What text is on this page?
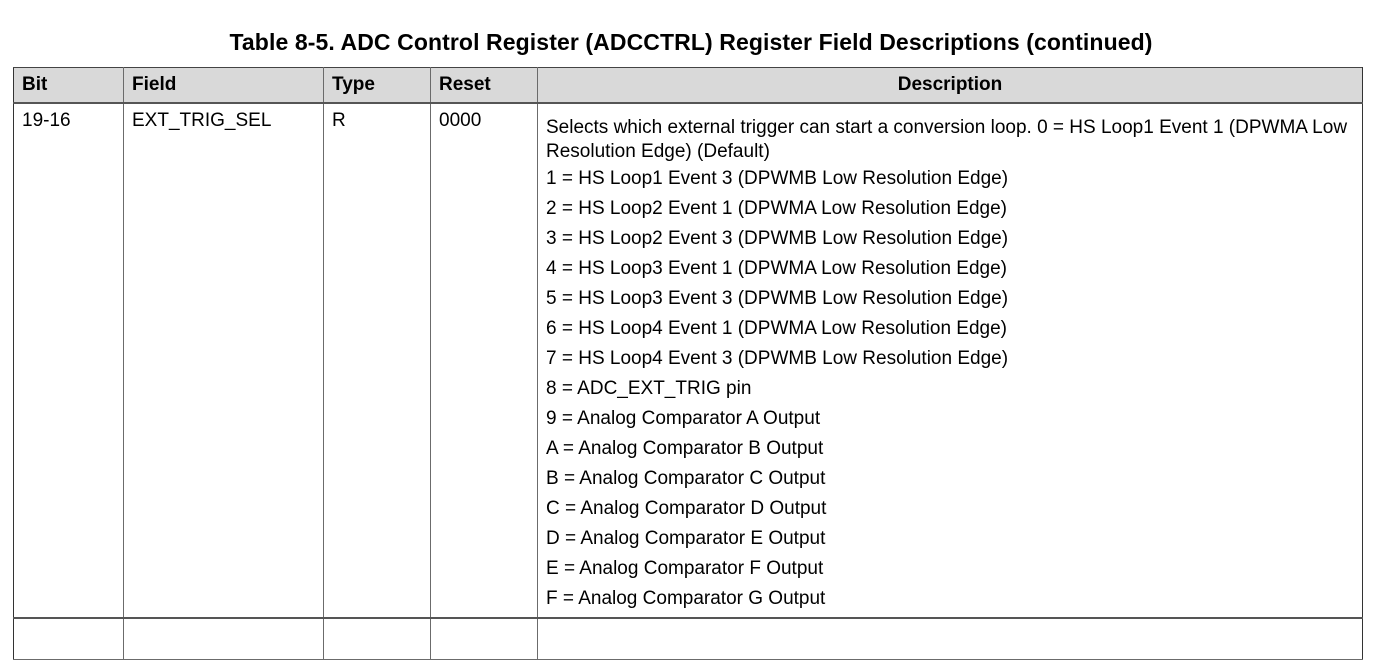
Table 8-5. ADC Control Register (ADCCTRL) Register Field Descriptions (continued)
Bit	Field	Type	Reset	Description
19-16	EXT_TRIG_SEL	R	0000	Selects which external trigger can start a conversion loop. 0 = HS Loop1 Event 1 (DPWMA Low Resolution Edge) (Default)
1 = HS Loop1 Event 3 (DPWMB Low Resolution Edge)
2 = HS Loop2 Event 1 (DPWMA Low Resolution Edge)
3 = HS Loop2 Event 3 (DPWMB Low Resolution Edge)
4 = HS Loop3 Event 1 (DPWMA Low Resolution Edge)
5 = HS Loop3 Event 3 (DPWMB Low Resolution Edge)
6 = HS Loop4 Event 1 (DPWMA Low Resolution Edge)
7 = HS Loop4 Event 3 (DPWMB Low Resolution Edge)
8 = ADC_EXT_TRIG pin
9 = Analog Comparator A Output
A = Analog Comparator B Output
B = Analog Comparator C Output
C = Analog Comparator D Output
D = Analog Comparator E Output
E = Analog Comparator F Output
F = Analog Comparator G Output
